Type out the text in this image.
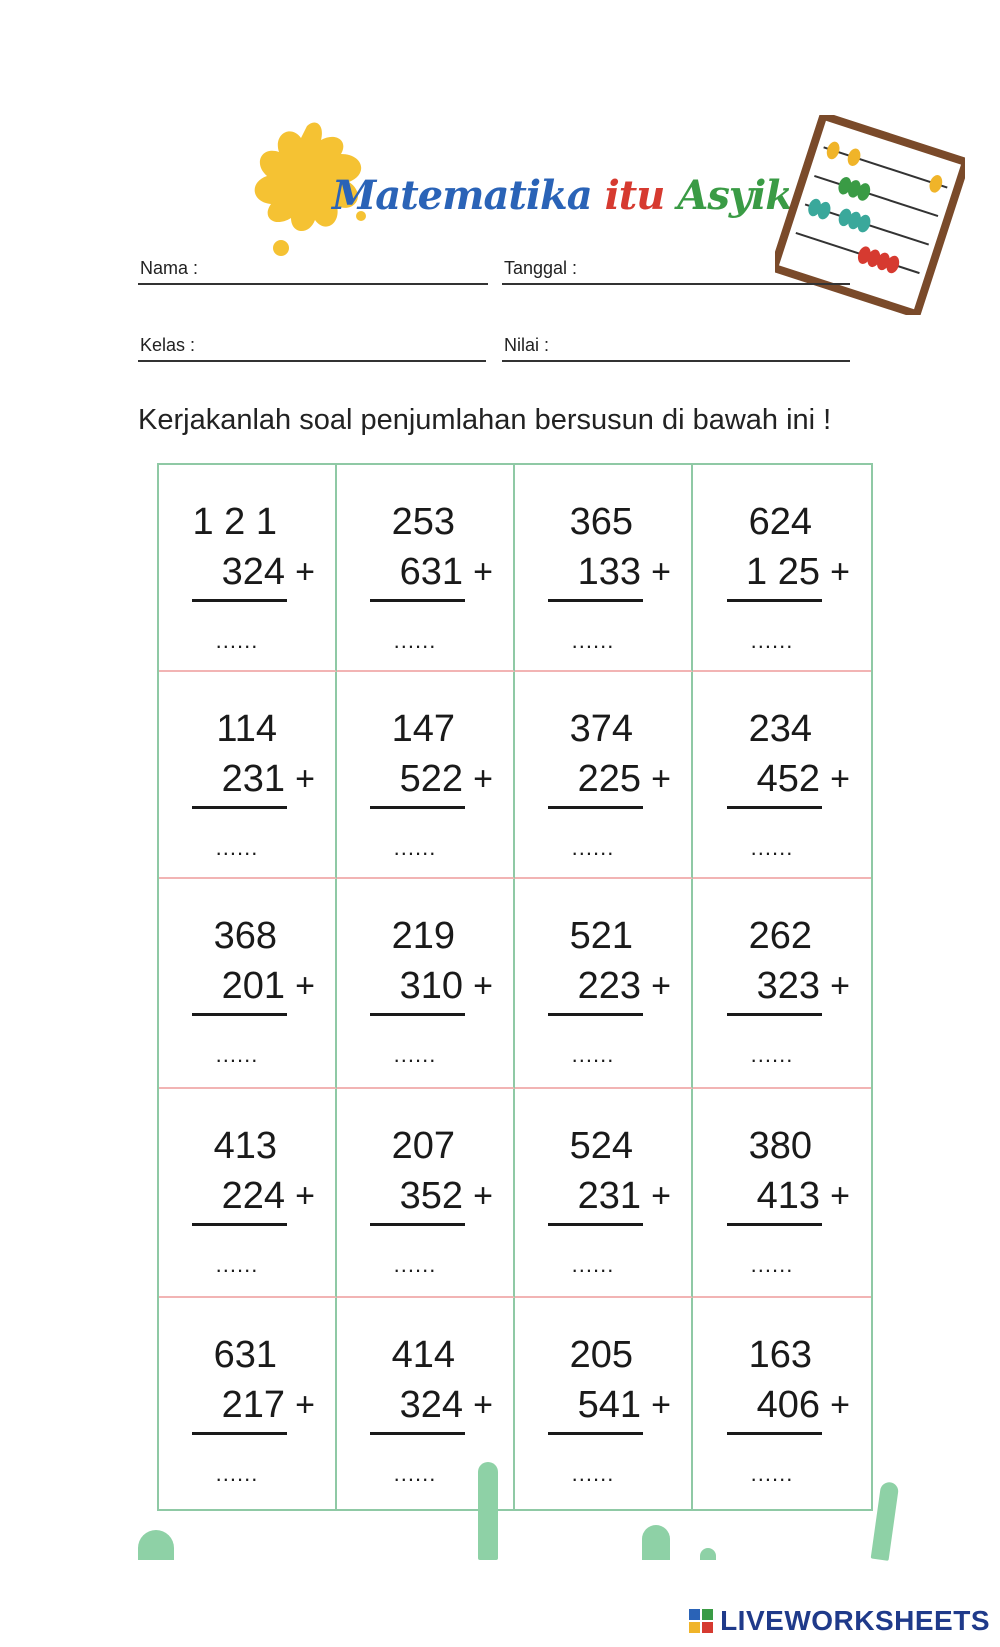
Matematika itu Asyik
Nama :	Tanggal :
Kelas :	Nilai :
Kerjakanlah soal penjumlahan bersusun di bawah ini !
1 2 1
324 +
......
253
631 +
......
365
133 +
......
624
1 25 +
......
114
231 +
......
147
522 +
......
374
225 +
......
234
452 +
......
368
201 +
......
219
310 +
......
521
223 +
......
262
323 +
......
413
224 +
......
207
352 +
......
524
231 +
......
380
413 +
......
631
217 +
......
414
324 +
......
205
541 +
......
163
406 +
......
LIVEWORKSHEETS
